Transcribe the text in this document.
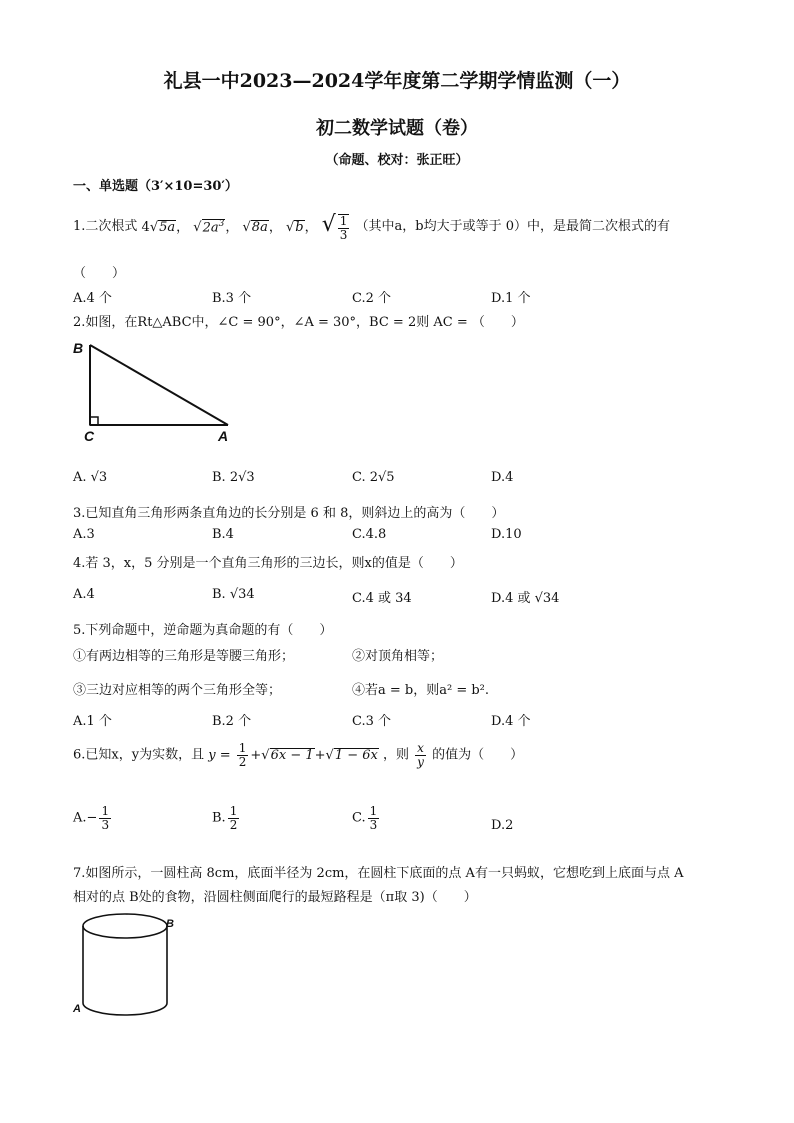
礼县一中2023—2024学年度第二学期学情监测（一）
初二数学试题（卷）
（命题、校对：张正旺）
一、单选题（3′×10=30′）
1.二次根式 4√5a， $√2a^3$， √8a， √b， √ $\frac{1}{3}$ （其中a，b均大于或等于 0）中，是最简二次根式的有
（　　）
A.4 个	B.3 个	C.2 个	D.1 个
2.如图，在Rt△ABC中，∠C = 90°，∠A = 30°，BC = 2则 AC = （　　）
B
C	A
A. √3	B. 2√3	C. 2√5	D.4
3.已知直角三角形两条直角边的长分别是 6 和 8，则斜边上的高为（　　）
A.3	B.4	C.4.8	D.10
4.若 3，x，5 分别是一个直角三角形的三边长，则x的值是（　　）
A.4	B. √34	C.4 或 34	D.4 或 √34
5.下列命题中，逆命题为真命题的有（　　）
①有两边相等的三角形是等腰三角形；	②对顶角相等；
③三边对应相等的两个三角形全等；	④若a = b，则a² = b².
A.1 个	B.2 个	C.3 个	D.4 个
6.已知x，y为实数，且 $y = \frac{1}{2} +√6x - 1+√1 - 6x$ ，则 $\frac{x}{y}$ 的值为（　　）
$A.- \frac{1}{3}$	B. $\frac{1}{2}$	C. $\frac{1}{3}$	D.2
7.如图所示，一圆柱高 8cm，底面半径为 2cm，在圆柱下底面的点 A有一只蚂蚁，它想吃到上底面与点 A
相对的点 B处的食物，沿圆柱侧面爬行的最短路程是（π取 3)（　　）
B
A
